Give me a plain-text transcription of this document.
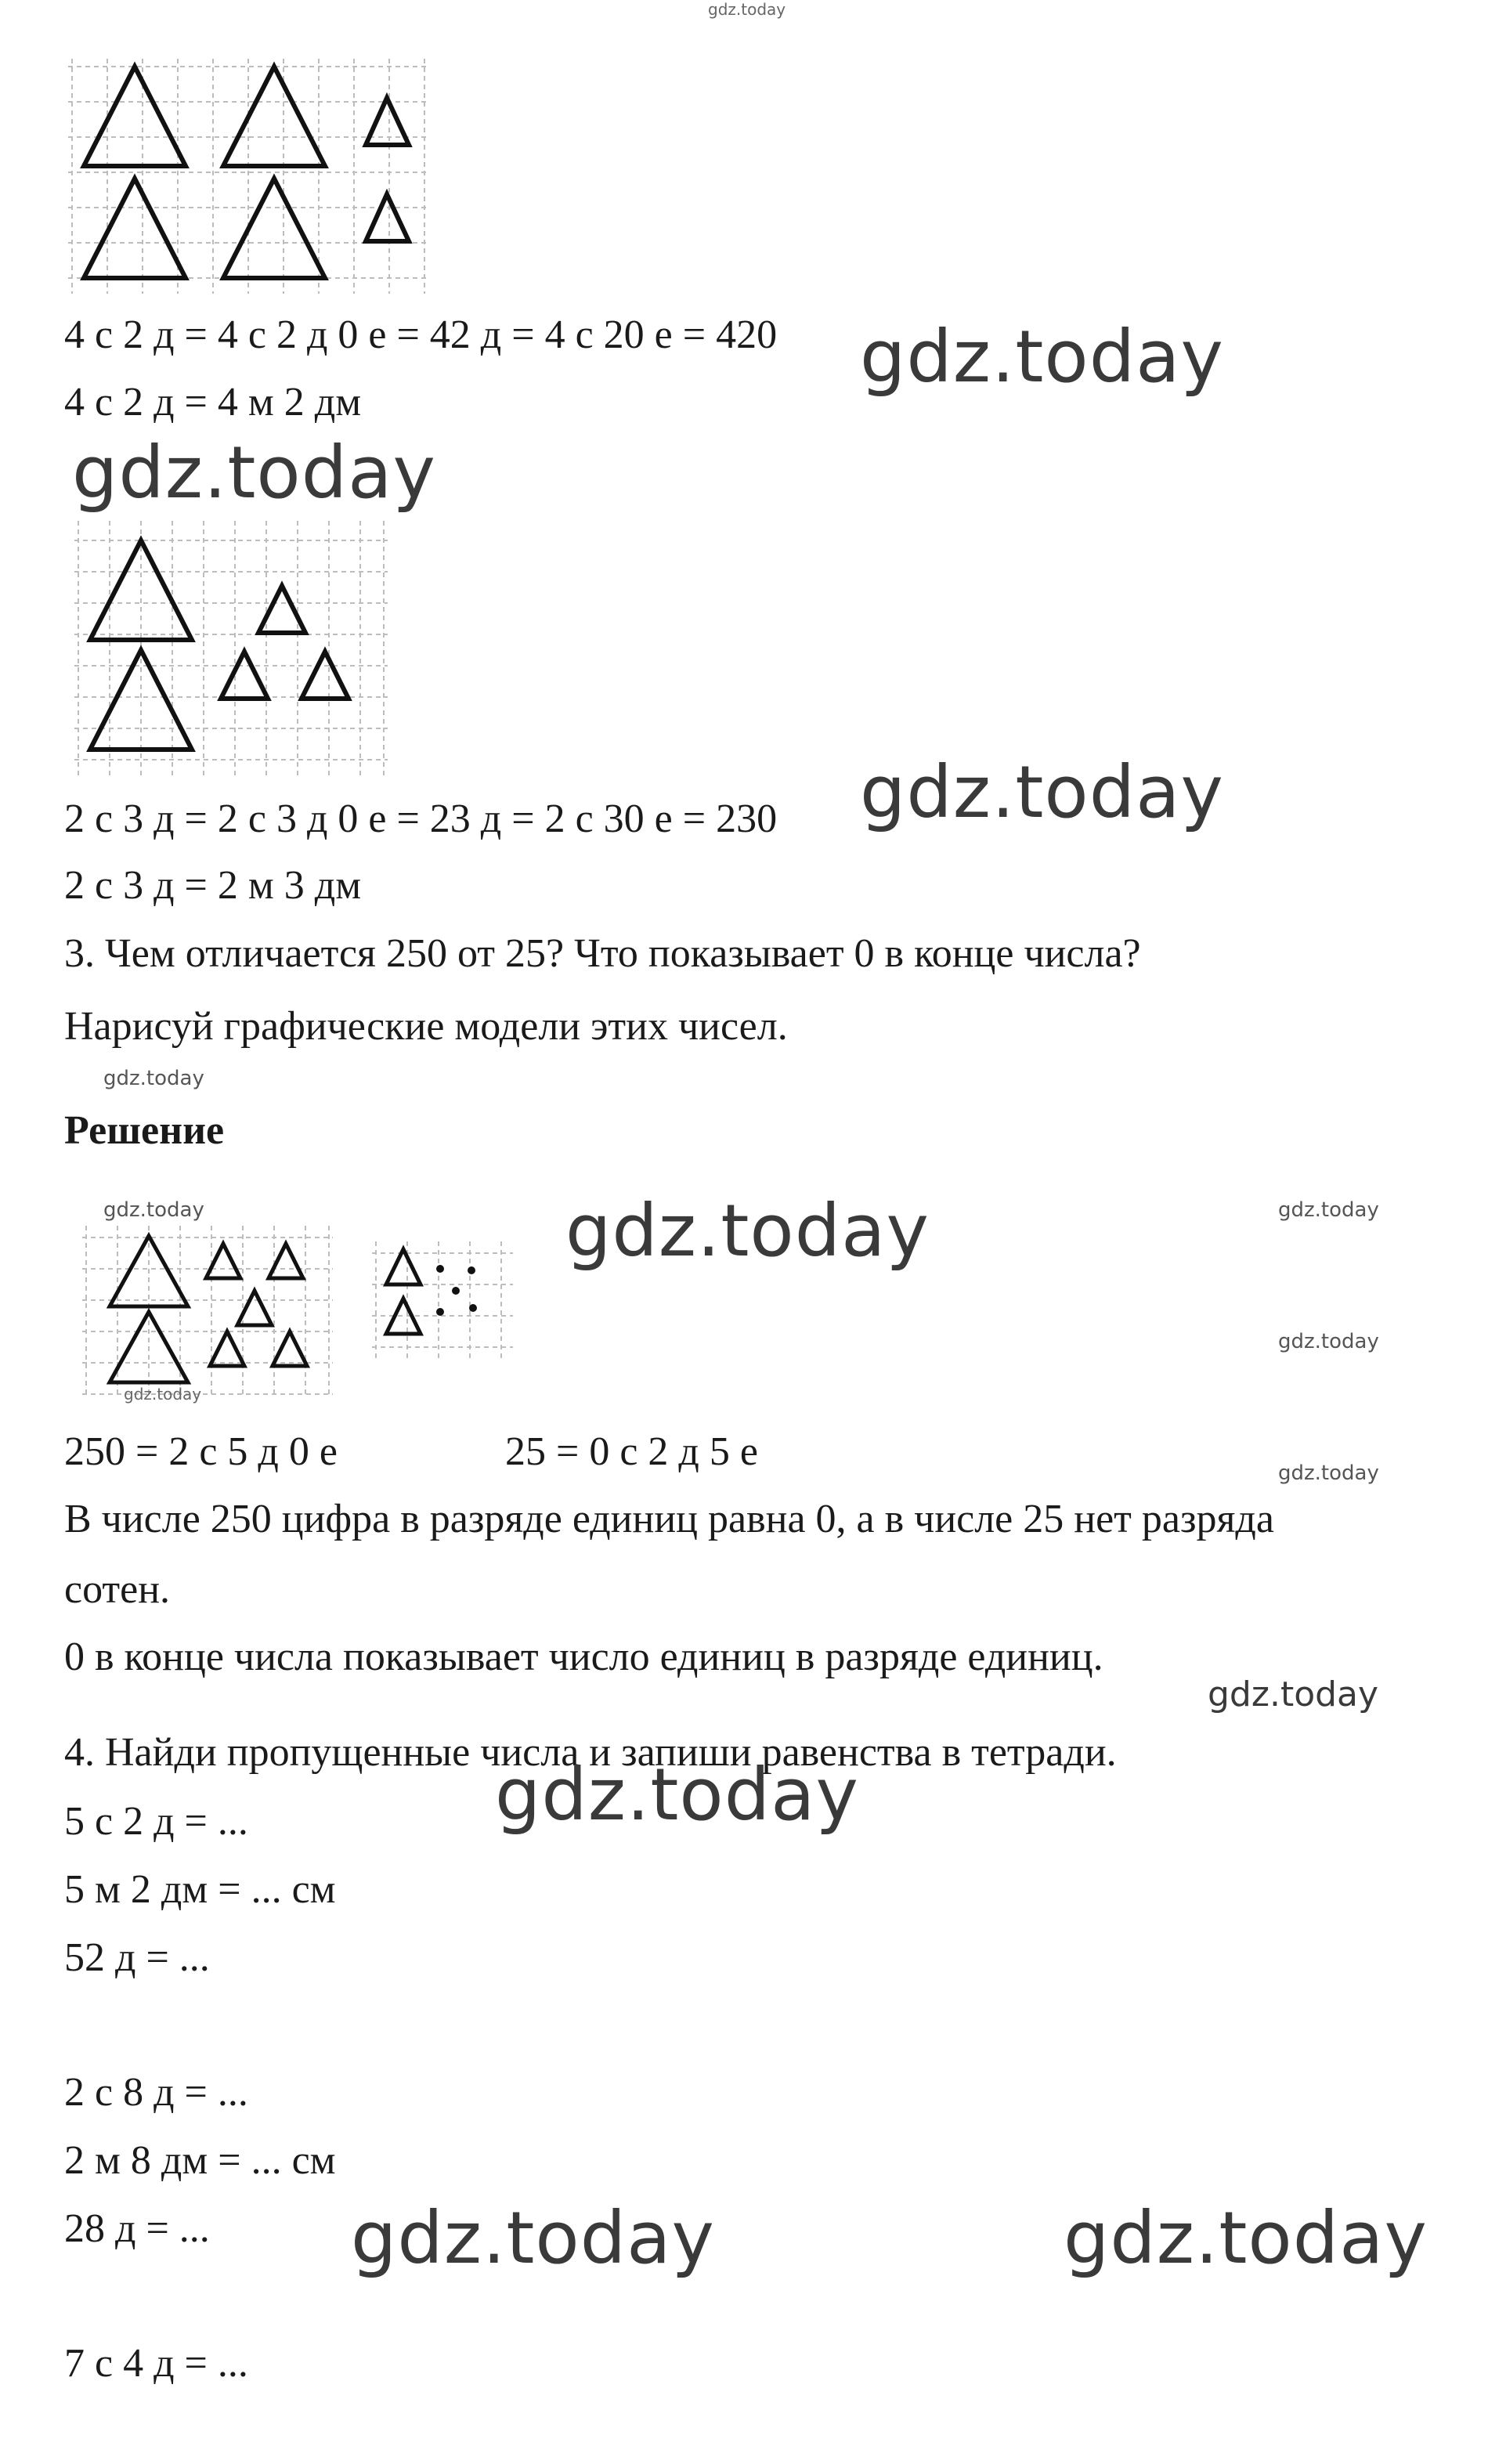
gdz.today
4 с 2 д = 4 с 2 д 0 е = 42 д = 4 с 20 е = 420 gdz.today
4 с 2 д = 4 м 2 дм
gdz.today
2 с 3 д = 2 с 3 д 0 е = 23 д = 2 с 30 е = 230 gdz.today
2 с 3 д = 2 м 3 дм
3. Чем отличается 250 от 25? Что показывает 0 в конце числа?
Нарисуй графические модели этих чисел.
gdz.today
Решение
gdz.today	gdz.today	gdz.today
gdz.today
gdz.today
250 = 2 с 5 д 0 е	25 = 0 с 2 д 5 е	gdz.today
В числе 250 цифра в разряде единиц равна 0, а в числе 25 нет разряда
сотен.
0 в конце числа показывает число единиц в разряде единиц.
gdz.today
4. Найди пропущенные числа и запиши равенства в тетради.
gdz.today
5 с 2 д = ...
5 м 2 дм = ... см
52 д = ...
2 с 8 д = ...
2 м 8 дм = ... см
28 д = ... gdz.today	gdz.today
7 с 4 д = ...
